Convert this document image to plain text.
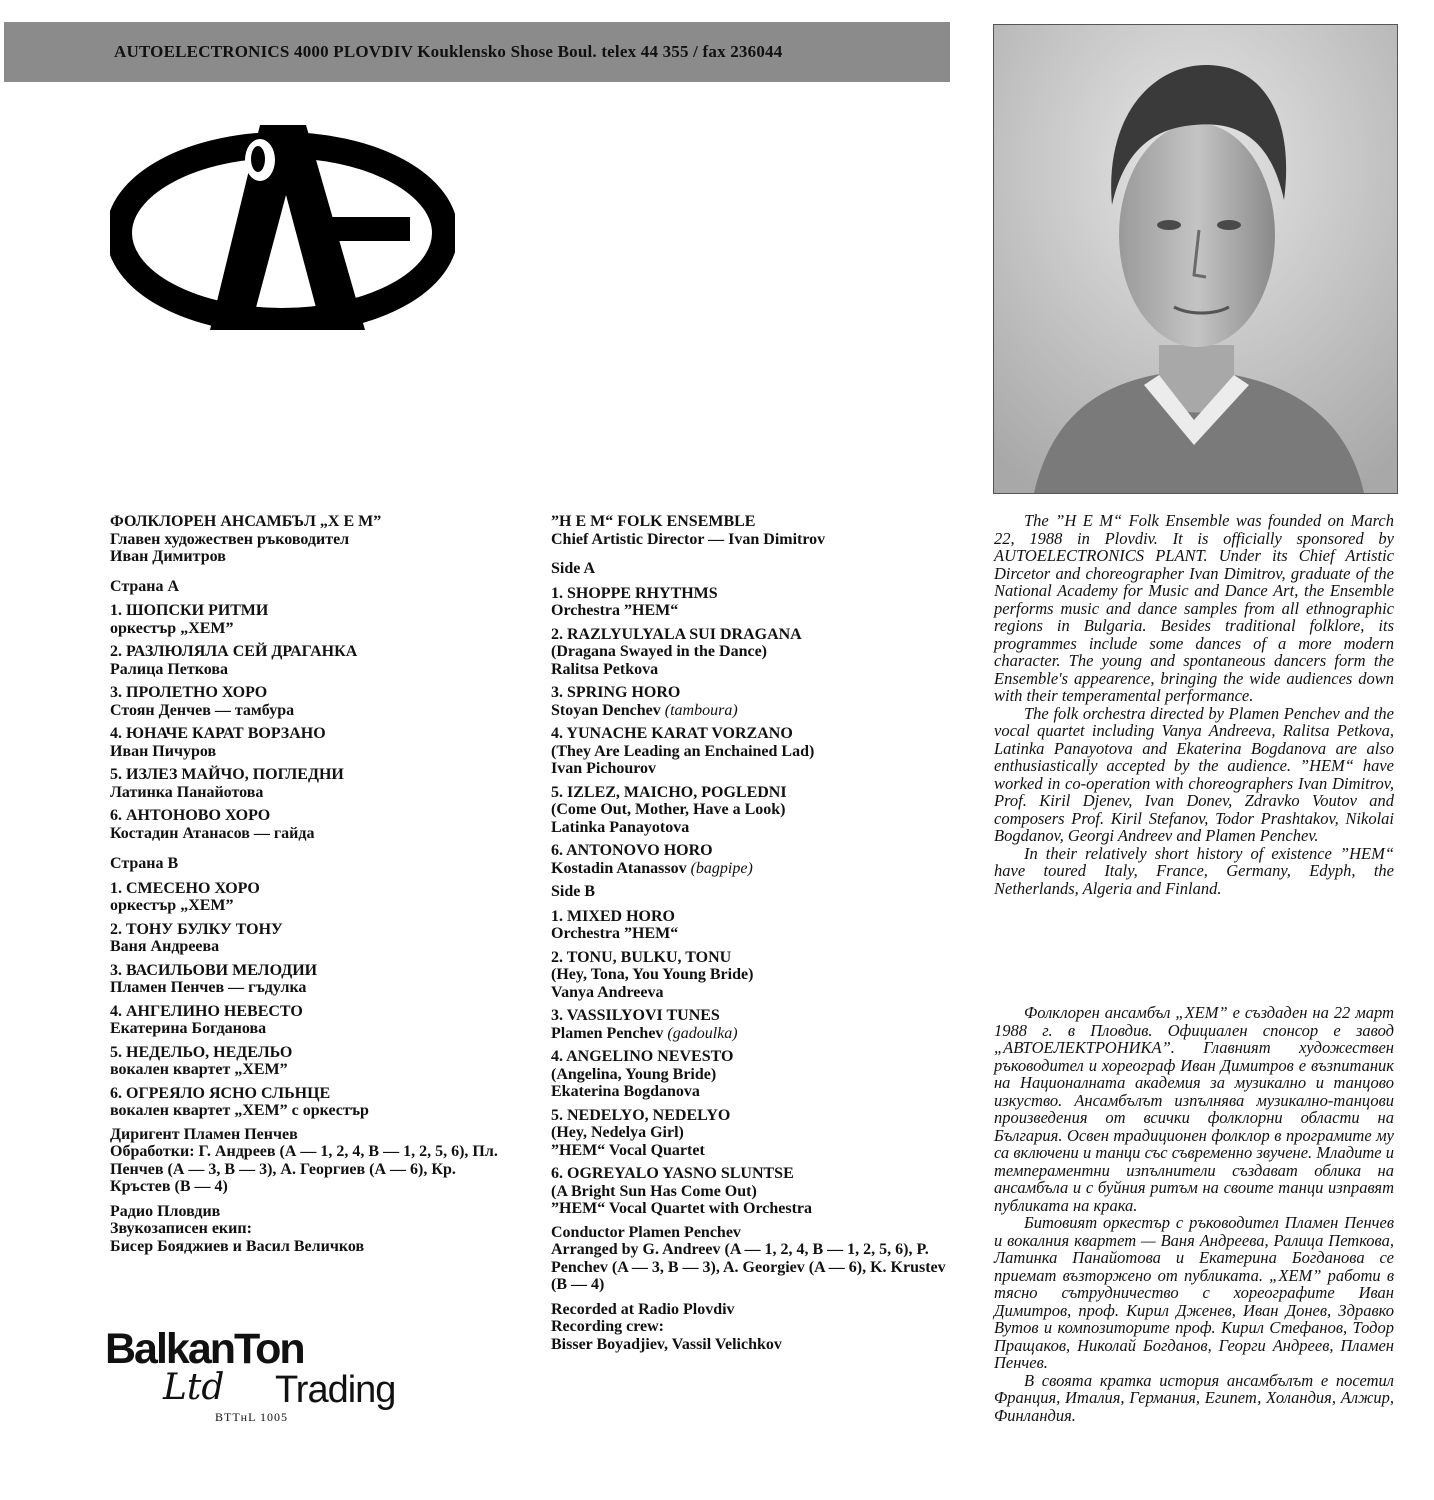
AUTOELECTRONICS 4000 PLOVDIV Kouklensko Shose Boul. telex 44 355 / fax 236044
ФОЛКЛОРЕН АНСАМБЪЛ „Х Е М”
Главен художествен ръководител
Иван Димитров
Страна А
1. ШОПСКИ РИТМИ
оркестър „ХЕМ”
2. РАЗЛЮЛЯЛА СЕЙ ДРАГАНКА
Ралица Петкова
3. ПРОЛЕТНО ХОРО
Стоян Денчев — тамбура
4. ЮНАЧЕ КАРАТ ВОРЗАНО
Иван Пичуров
5. ИЗЛЕЗ МАЙЧО, ПОГЛЕДНИ
Латинка Панайотова
6. АНТОНОВО ХОРО
Костадин Атанасов — гайда
Страна В
1. СМЕСЕНО ХОРО
оркестър „ХЕМ”
2. ТОНУ БУЛКУ ТОНУ
Ваня Андреева
3. ВАСИЛЬОВИ МЕЛОДИИ
Пламен Пенчев — гъдулка
4. АНГЕЛИНО НЕВЕСТО
Екатерина Богданова
5. НЕДЕЛЬО, НЕДЕЛЬО
вокален квартет „ХЕМ”
6. ОГРЕЯЛО ЯСНО СЛЬНЦЕ
вокален квартет „ХЕМ” с оркестър
Диригент Пламен Пенчев
Обработки: Г. Андреев (А — 1, 2, 4, В — 1, 2, 5, 6), Пл. Пенчев (А — 3, В — 3), А. Георгиев (А — 6), Кр. Кръстев (В — 4)
Радио Пловдив
Звукозаписен екип:
Бисер Бояджиев и Васил Величков
”H E M“ FOLK ENSEMBLE
Chief Artistic Director — Ivan Dimitrov
Side A
1. SHOPPE RHYTHMS
Orchestra ”HEM“
2. RAZLYULYALA SUI DRAGANA
(Dragana Swayed in the Dance)
Ralitsa Petkova
3. SPRING HORO
Stoyan Denchev (tamboura)
4. YUNACHE KARAT VORZANO
(They Are Leading an Enchained Lad)
Ivan Pichourov
5. IZLEZ, MAICHO, POGLEDNI
(Come Out, Mother, Have a Look)
Latinka Panayotova
6. ANTONOVO HORO
Kostadin Atanassov (bagpipe)
Side B
1. MIXED HORO
Orchestra ”HEM“
2. TONU, BULKU, TONU
(Hey, Tona, You Young Bride)
Vanya Andreeva
3. VASSILYOVI TUNES
Plamen Penchev (gadoulka)
4. ANGELINO NEVESTO
(Angelina, Young Bride)
Ekaterina Bogdanova
5. NEDELYO, NEDELYO
(Hey, Nedelya Girl)
”HEM“ Vocal Quartet
6. OGREYALO YASNO SLUNTSE
(A Bright Sun Has Come Out)
”HEM“ Vocal Quartet with Orchestra
Conductor Plamen Penchev
Arranged by G. Andreev (A — 1, 2, 4, B — 1, 2, 5, 6), P. Penchev (A — 3, B — 3), A. Georgiev (A — 6), K. Krustev (B — 4)
Recorded at Radio Plovdiv
Recording crew:
Bisser Boyadjiev, Vassil Velichkov

The ”H E M“ Folk Ensemble was founded on March 22, 1988 in Plovdiv. It is officially sponsored by AUTOELECTRONICS PLANT. Under its Chief Artistic Dircetor and choreographer Ivan Dimitrov, graduate of the National Academy for Music and Dance Art, the Ensemble performs music and dance samples from all ethnographic regions in Bulgaria. Besides traditional folklore, its programmes include some dances of a more modern character. The young and spontaneous dancers form the Ensemble's appearence, bringing the wide audiences down with their temperamental performance.

The folk orchestra directed by Plamen Penchev and the vocal quartet including Vanya Andreeva, Ralitsa Petkova, Latinka Panayotova and Ekaterina Bogdanova are also enthusiastically accepted by the audience. ”HEM“ have worked in co-operation with choreographers Ivan Dimitrov, Prof. Kiril Djenev, Ivan Donev, Zdravko Voutov and composers Prof. Kiril Stefanov, Todor Prashtakov, Nikolai Bogdanov, Georgi Andreev and Plamen Penchev.

In their relatively short history of existence ”HEM“ have toured Italy, France, Germany, Edyph, the Netherlands, Algeria and Finland.

Фолклорен ансамбъл „ХЕМ” е създаден на 22 март 1988 г. в Пловдив. Официален спонсор е завод „АВТОЕЛЕКТРОНИКА”. Главният художествен ръководител и хореограф Иван Димитров е възпитаник на Националната академия за музикално и танцово изкуство. Ансамбълът изпълнява музикално-танцови произведения от всички фолклорни области на България. Освен традиционен фолклор в програмите му са включени и танци със съвременно звучене. Младите и темпераментни изпълнители създават облика на ансамбъла и с буйния ритъм на своите танци изправят публиката на крака.

Битовият оркестър с ръководител Пламен Пенчев и вокалния квартет — Ваня Андреева, Ралица Петкова, Латинка Панайотова и Екатерина Богданова се приемат възторжено от публиката. „ХЕМ” работи в тясно сътрудничество с хореографите Иван Димитров, проф. Кирил Дженев, Иван Донев, Здравко Вутов и композиторите проф. Кирил Стефанов, Тодор Пращаков, Николай Богданов, Георги Андреев, Пламен Пенчев.

В своята кратка история ансамбълът е посетил Франция, Италия, Германия, Египет, Холандия, Алжир, Финландия.

BalkanTon
Ltd Trading
BTTнL 1005
